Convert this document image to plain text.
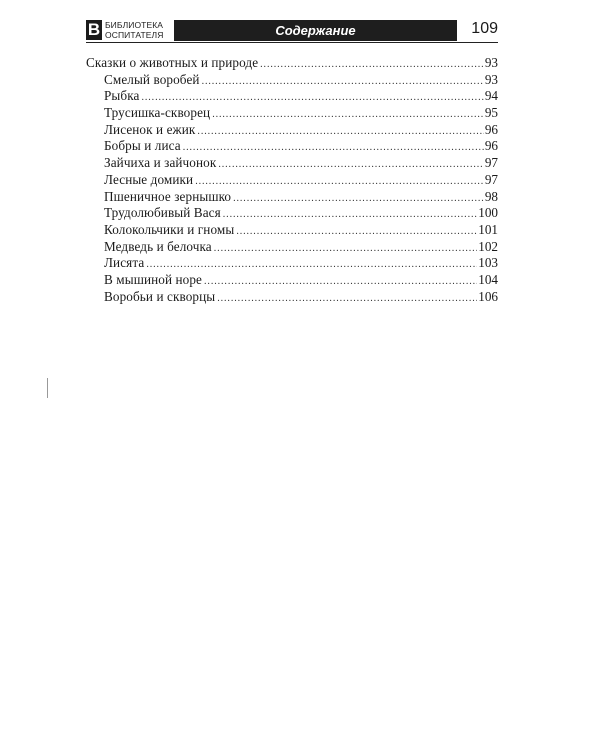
В БИБЛИОТЕКА
ОСПИТАТЕЛЯ	Содержание	109
Сказки о животных и природе .....	93
Смелый воробей .....	93
Рыбка .....	94
Трусишка-скворец .....	95
Лисенок и ежик .....	96
Бобры и лиса .....	96
Зайчиха и зайчонок .....	97
Лесные домики .....	97
Пшеничное зернышко .....	98
Трудолюбивый Вася .....	100
Колокольчики и гномы .....	101
Медведь и белочка .....	102
Лисята .....	103
В мышиной норе .....	104
Воробьи и скворцы .....	106
